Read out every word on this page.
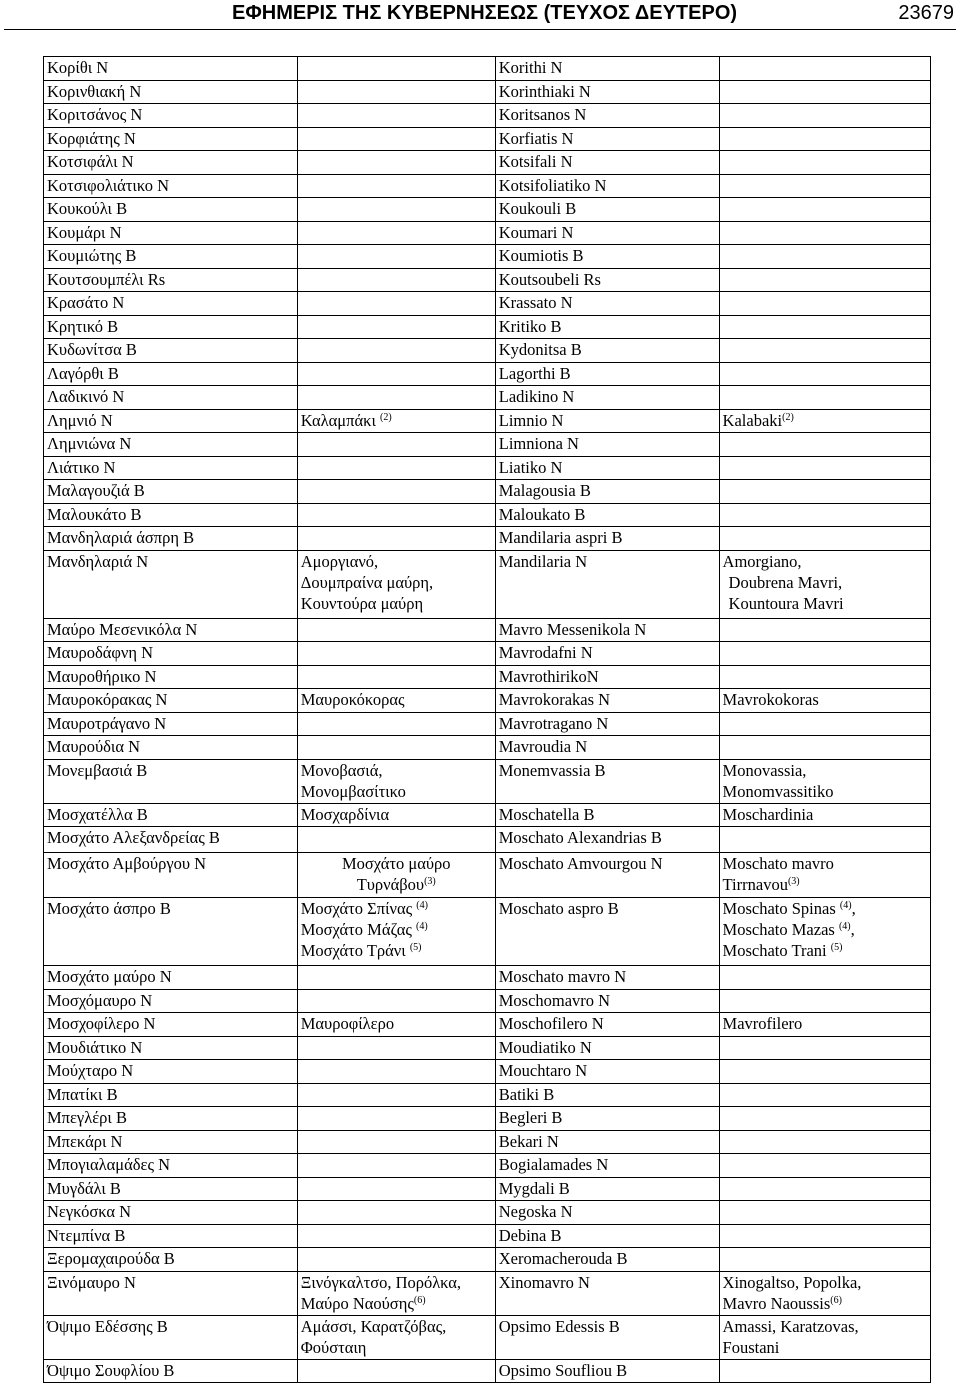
ΕΦΗΜΕΡΙΣ ΤΗΣ ΚΥΒΕΡΝΗΣΕΩΣ (ΤΕΥΧΟΣ ΔΕΥΤΕΡΟ)	23679
Κορίθι Ν		Korithi N	
Κορινθιακή Ν		Korinthiaki N	
Κοριτσάνος Ν		Koritsanos N	
Κορφιάτης Ν		Korfiatis N	
Κοτσιφάλι Ν		Kotsifali N	
Κοτσιφολιάτικο Ν		Kotsifoliatiko N	
Κουκούλι Β		Koukouli B	
Κουμάρι Ν		Koumari N	
Κουμιώτης Β		Koumiotis B	
Κουτσουμπέλι Rs		Koutsoubeli Rs	
Κρασάτο Ν		Krassato N	
Κρητικό Β		Kritiko B	
Κυδωνίτσα Β		Kydonitsa B	
Λαγόρθι Β		Lagorthi B	
Λαδικινό Ν		Ladikino N	
Λημνιό Ν	Καλαμπάκι $^{(2)}$	Limnio N	Kalabaki$^{(2)}$

Λημνιώνα Ν		Limniona N	
Λιάτικο Ν		Liatiko N	
Μαλαγουζιά Β		Malagousia B	
Μαλουκάτο Β		Maloukato B	
Μανδηλαριά άσπρη Β		Mandilaria aspri B	
Μανδηλαριά Ν	Αμοργιανό,
Δουμπραίνα μαύρη,
Κουντούρα μαύρη	Mandilaria N	Amorgiano,
Doubrena Mavri,
Kountoura Mavri

Μαύρο Μεσενικόλα Ν		Mavro Messenikola N	
Μαυροδάφνη Ν		Mavrodafni N	
Μαυροθήρικο Ν		MavrothirikoN	
Μαυροκόρακας Ν	Μαυροκόκορας	Mavrokorakas N	Mavrokokoras

Μαυροτράγανο Ν		Mavrotragano N	
Μαυρούδια Ν		Mavroudia N	
Μονεμβασιά Β	Μονοβασιά,
Μονομβασίτικο	Monemvassia B	Monovassia,
Monomvassitiko

Μοσχατέλλα Β	Μοσχαρδίνια	Moschatella B	Moschardinia

Μοσχάτο Αλεξανδρείας Β		Moschato Alexandrias B	
Μοσχάτο Αμβούργου Ν	Μοσχάτο μαύρο
Τυρνάβου$^{(3)}$	Moschato Amvourgou N	Moschato mavro
Tirrnavou$^{(3)}$

Μοσχάτο άσπρο Β	Μοσχάτο Σπίνας $^{(4)}$
Μοσχάτο Μάζας $^{(4)}$
Μοσχάτο Τράνι $^{(5)}$	Moschato aspro B	Moschato Spinas $^{(4)}$,
Moschato Mazas $^{(4)}$,
Moschato Trani $^{(5)}$

Μοσχάτο μαύρο Ν		Moschato mavro N	
Μοσχόμαυρο Ν		Moschomavro N	
Μοσχοφίλερο Ν	Μαυροφίλερο	Moschofilero N	Mavrofilero

Μουδιάτικο Ν		Moudiatiko N	
Μούχταρο Ν		Mouchtaro N	
Μπατίκι Β		Batiki B	
Μπεγλέρι Β		Begleri B	
Μπεκάρι Ν		Bekari N	
Μπογιαλαμάδες Ν		Bogialamades N	
Μυγδάλι Β		Mygdali B	
Νεγκόσκα Ν		Negoska N	
Ντεμπίνα Β		Debina B	
Ξερομαχαιρούδα Β		Xeromacherouda B	
Ξινόμαυρο Ν	Ξινόγκαλτσο, Πορόλκα,
Μαύρο Ναούσης$^{(6)}$	Xinomavro N	Xinogaltso, Popolka,
Mavro Naoussis$^{(6)}$

Όψιμο Εδέσσης Β	Αμάσσι, Καρατζόβας,
Φούσταιη	Opsimo Edessis B	Amassi, Karatzovas,
Foustani

Όψιμο Σουφλίου Β		Opsimo Soufliou B	
